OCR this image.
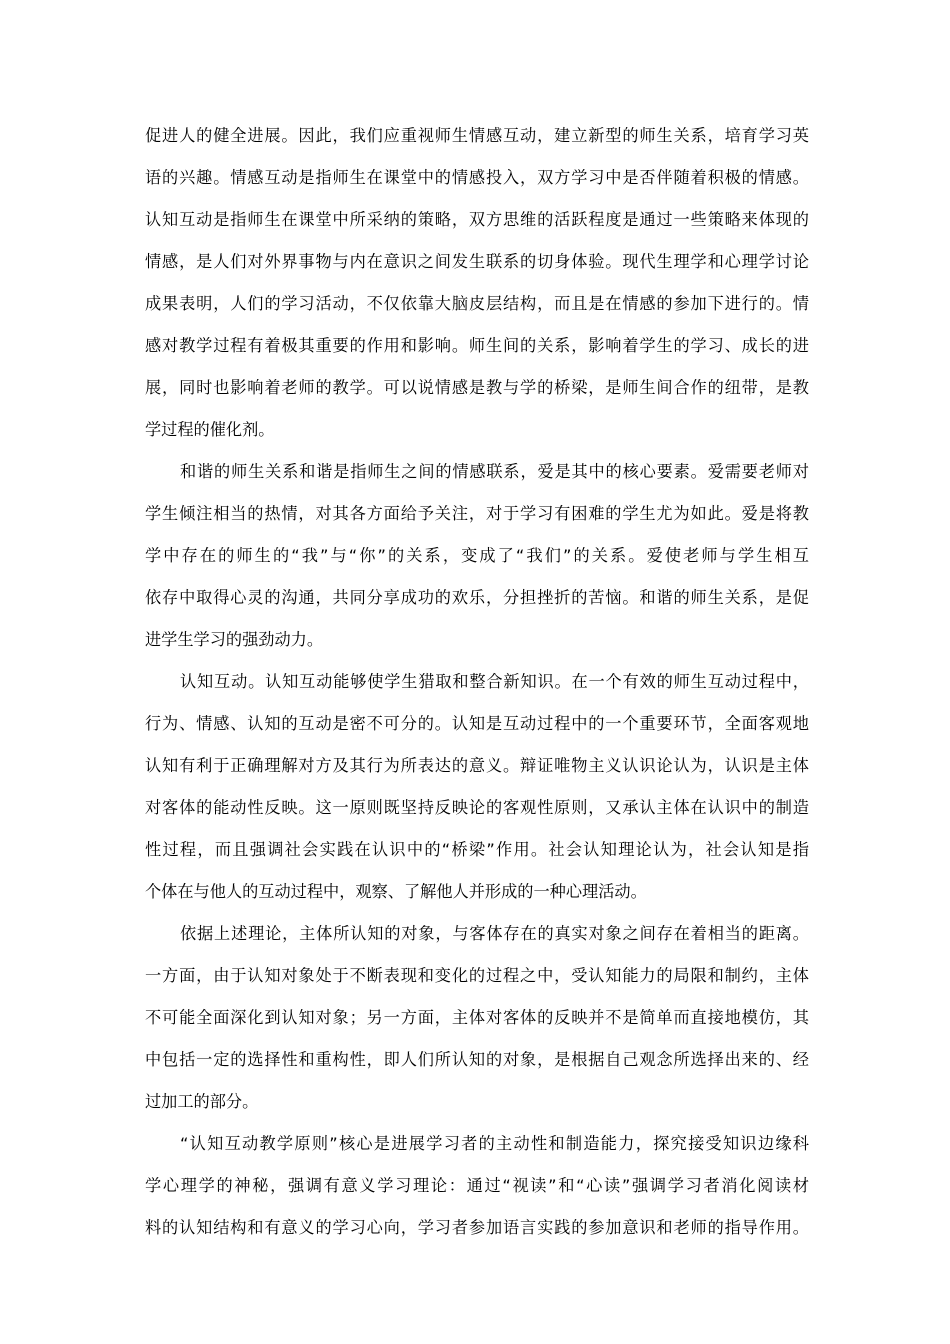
促进人的健全进展。因此，我们应重视师生情感互动，建立新型的师生关系，培育学习英
语的兴趣。情感互动是指师生在课堂中的情感投入，双方学习中是否伴随着积极的情感。
认知互动是指师生在课堂中所采纳的策略，双方思维的活跃程度是通过一些策略来体现的
情感，是人们对外界事物与内在意识之间发生联系的切身体验。现代生理学和心理学讨论
成果表明，人们的学习活动，不仅依靠大脑皮层结构，而且是在情感的参加下进行的。情
感对教学过程有着极其重要的作用和影响。师生间的关系，影响着学生的学习、成长的进
展，同时也影响着老师的教学。可以说情感是教与学的桥梁，是师生间合作的纽带，是教
学过程的催化剂。
和谐的师生关系和谐是指师生之间的情感联系，爱是其中的核心要素。爱需要老师对
学生倾注相当的热情，对其各方面给予关注，对于学习有困难的学生尤为如此。爱是将教
学中存在的师生的“我”与“你”的关系，变成了“我们”的关系。爱使老师与学生相互
依存中取得心灵的沟通，共同分享成功的欢乐，分担挫折的苦恼。和谐的师生关系，是促
进学生学习的强劲动力。
认知互动。认知互动能够使学生猎取和整合新知识。在一个有效的师生互动过程中，
行为、情感、认知的互动是密不可分的。认知是互动过程中的一个重要环节，全面客观地
认知有利于正确理解对方及其行为所表达的意义。辩证唯物主义认识论认为，认识是主体
对客体的能动性反映。这一原则既坚持反映论的客观性原则，又承认主体在认识中的制造
性过程，而且强调社会实践在认识中的“桥梁”作用。社会认知理论认为，社会认知是指
个体在与他人的互动过程中，观察、了解他人并形成的一种心理活动。
依据上述理论，主体所认知的对象，与客体存在的真实对象之间存在着相当的距离。
一方面，由于认知对象处于不断表现和变化的过程之中，受认知能力的局限和制约，主体
不可能全面深化到认知对象；另一方面，主体对客体的反映并不是简单而直接地模仿，其
中包括一定的选择性和重构性，即人们所认知的对象，是根据自己观念所选择出来的、经
过加工的部分。
“认知互动教学原则”核心是进展学习者的主动性和制造能力，探究接受知识边缘科
学心理学的神秘，强调有意义学习理论：通过“视读”和“心读”强调学习者消化阅读材
料的认知结构和有意义的学习心向，学习者参加语言实践的参加意识和老师的指导作用。
